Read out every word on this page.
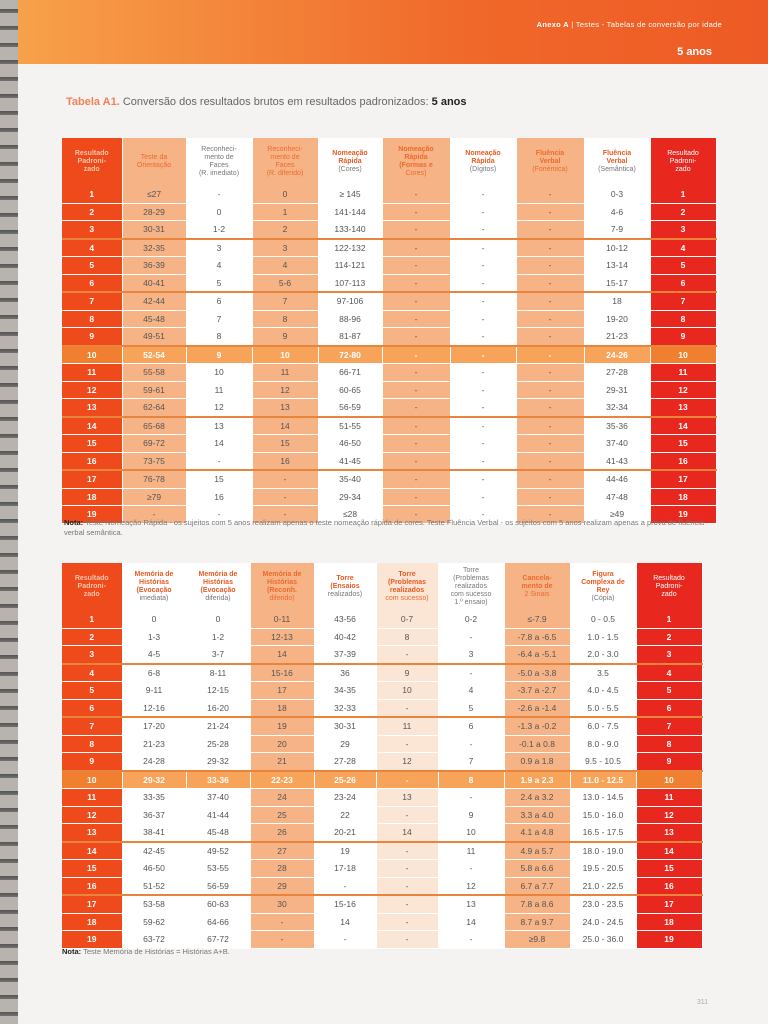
Anexo A | Testes - Tabelas de conversão por idade
5 anos
Tabela A1. Conversão dos resultados brutos em resultados padronizados: 5 anos
Resultado
Padroni-
zado	Teste da
Orientação	Reconheci-
mento de
Faces
(R. imediato)	Reconheci-
mento de
Faces
(R. diferido)	Nomeação
Rápida
(Cores)	Nomeação
Rápida
(Formas e
Cores)	Nomeação
Rápida
(Dígitos)	Fluência
Verbal
(Fonémica)	Fluência
Verbal
(Semântica)	Resultado
Padroni-
zado
1	≤27	-	0	≥ 145	-	-	-	0-3	1
2	28-29	0	1	141-144	-	-	-	4-6	2
3	30-31	1-2	2	133-140	-	-	-	7-9	3
4	32-35	3	3	122-132	-	-	-	10-12	4
5	36-39	4	4	114-121	-	-	-	13-14	5
6	40-41	5	5-6	107-113	-	-	-	15-17	6
7	42-44	6	7	97-106	-	-	-	18	7
8	45-48	7	8	88-96	-	-	-	19-20	8
9	49-51	8	9	81-87	-	-	-	21-23	9
10	52-54	9	10	72-80	-	-	-	24-26	10
11	55-58	10	11	66-71	-	-	-	27-28	11
12	59-61	11	12	60-65	-	-	-	29-31	12
13	62-64	12	13	56-59	-	-	-	32-34	13
14	65-68	13	14	51-55	-	-	-	35-36	14
15	69-72	14	15	46-50	-	-	-	37-40	15
16	73-75	-	16	41-45	-	-	-	41-43	16
17	76-78	15	-	35-40	-	-	-	44-46	17
18	≥79	16	-	29-34	-	-	-	47-48	18
19	-	-	-	≤28	-	-	-	≥49	19
Nota: Teste Nomeação Rápida - os sujeitos com 5 anos realizam apenas o teste nomeação rápida de cores. Teste Fluência Verbal - os sujeitos com 5 anos realizam apenas a prova de fluência verbal semântica.
Resultado
Padroni-
zado	Memória de
Histórias
(Evocação
imediata)	Memória de
Histórias
(Evocação
diferida)	Memória de
Histórias
(Reconh.
diferido)	Torre
(Ensaios
realizados)	Torre
(Problemas
realizados
com sucesso)	Torre
(Problemas
realizados
com sucesso
1.º ensaio)	Cancela-
mento de
2 Sinais	Figura
Complexa de
Rey
(Cópia)	Resultado
Padroni-
zado
1	0	0	0-11	43-56	0-7	0-2	≤-7.9	0 - 0.5	1
2	1-3	1-2	12-13	40-42	8	-	-7.8 a -6.5	1.0 - 1.5	2
3	4-5	3-7	14	37-39	-	3	-6.4 a -5.1	2.0 - 3.0	3
4	6-8	8-11	15-16	36	9	-	-5.0 a -3.8	3.5	4
5	9-11	12-15	17	34-35	10	4	-3.7 a -2.7	4.0 - 4.5	5
6	12-16	16-20	18	32-33	-	5	-2.6 a -1.4	5.0 - 5.5	6
7	17-20	21-24	19	30-31	11	6	-1.3 a -0.2	6.0 - 7.5	7
8	21-23	25-28	20	29	-	-	-0.1 a 0.8	8.0 - 9.0	8
9	24-28	29-32	21	27-28	12	7	0.9 a 1.8	9.5 - 10.5	9
10	29-32	33-36	22-23	25-26	-	8	1.9 a 2.3	11.0 - 12.5	10
11	33-35	37-40	24	23-24	13	-	2.4 a 3.2	13.0 - 14.5	11
12	36-37	41-44	25	22	-	9	3.3 a 4.0	15.0 - 16.0	12
13	38-41	45-48	26	20-21	14	10	4.1 a 4.8	16.5 - 17.5	13
14	42-45	49-52	27	19	-	11	4.9 a 5.7	18.0 - 19.0	14
15	46-50	53-55	28	17-18	-	-	5.8 a 6.6	19.5 - 20.5	15
16	51-52	56-59	29	-	-	12	6.7 a 7.7	21.0 - 22.5	16
17	53-58	60-63	30	15-16	-	13	7.8 a 8.6	23.0 - 23.5	17
18	59-62	64-66	-	14	-	14	8.7 a 9.7	24.0 - 24.5	18
19	63-72	67-72	-	-	-	-	≥9.8	25.0 - 36.0	19
Nota: Teste Memória de Histórias = Histórias A+B.
311
